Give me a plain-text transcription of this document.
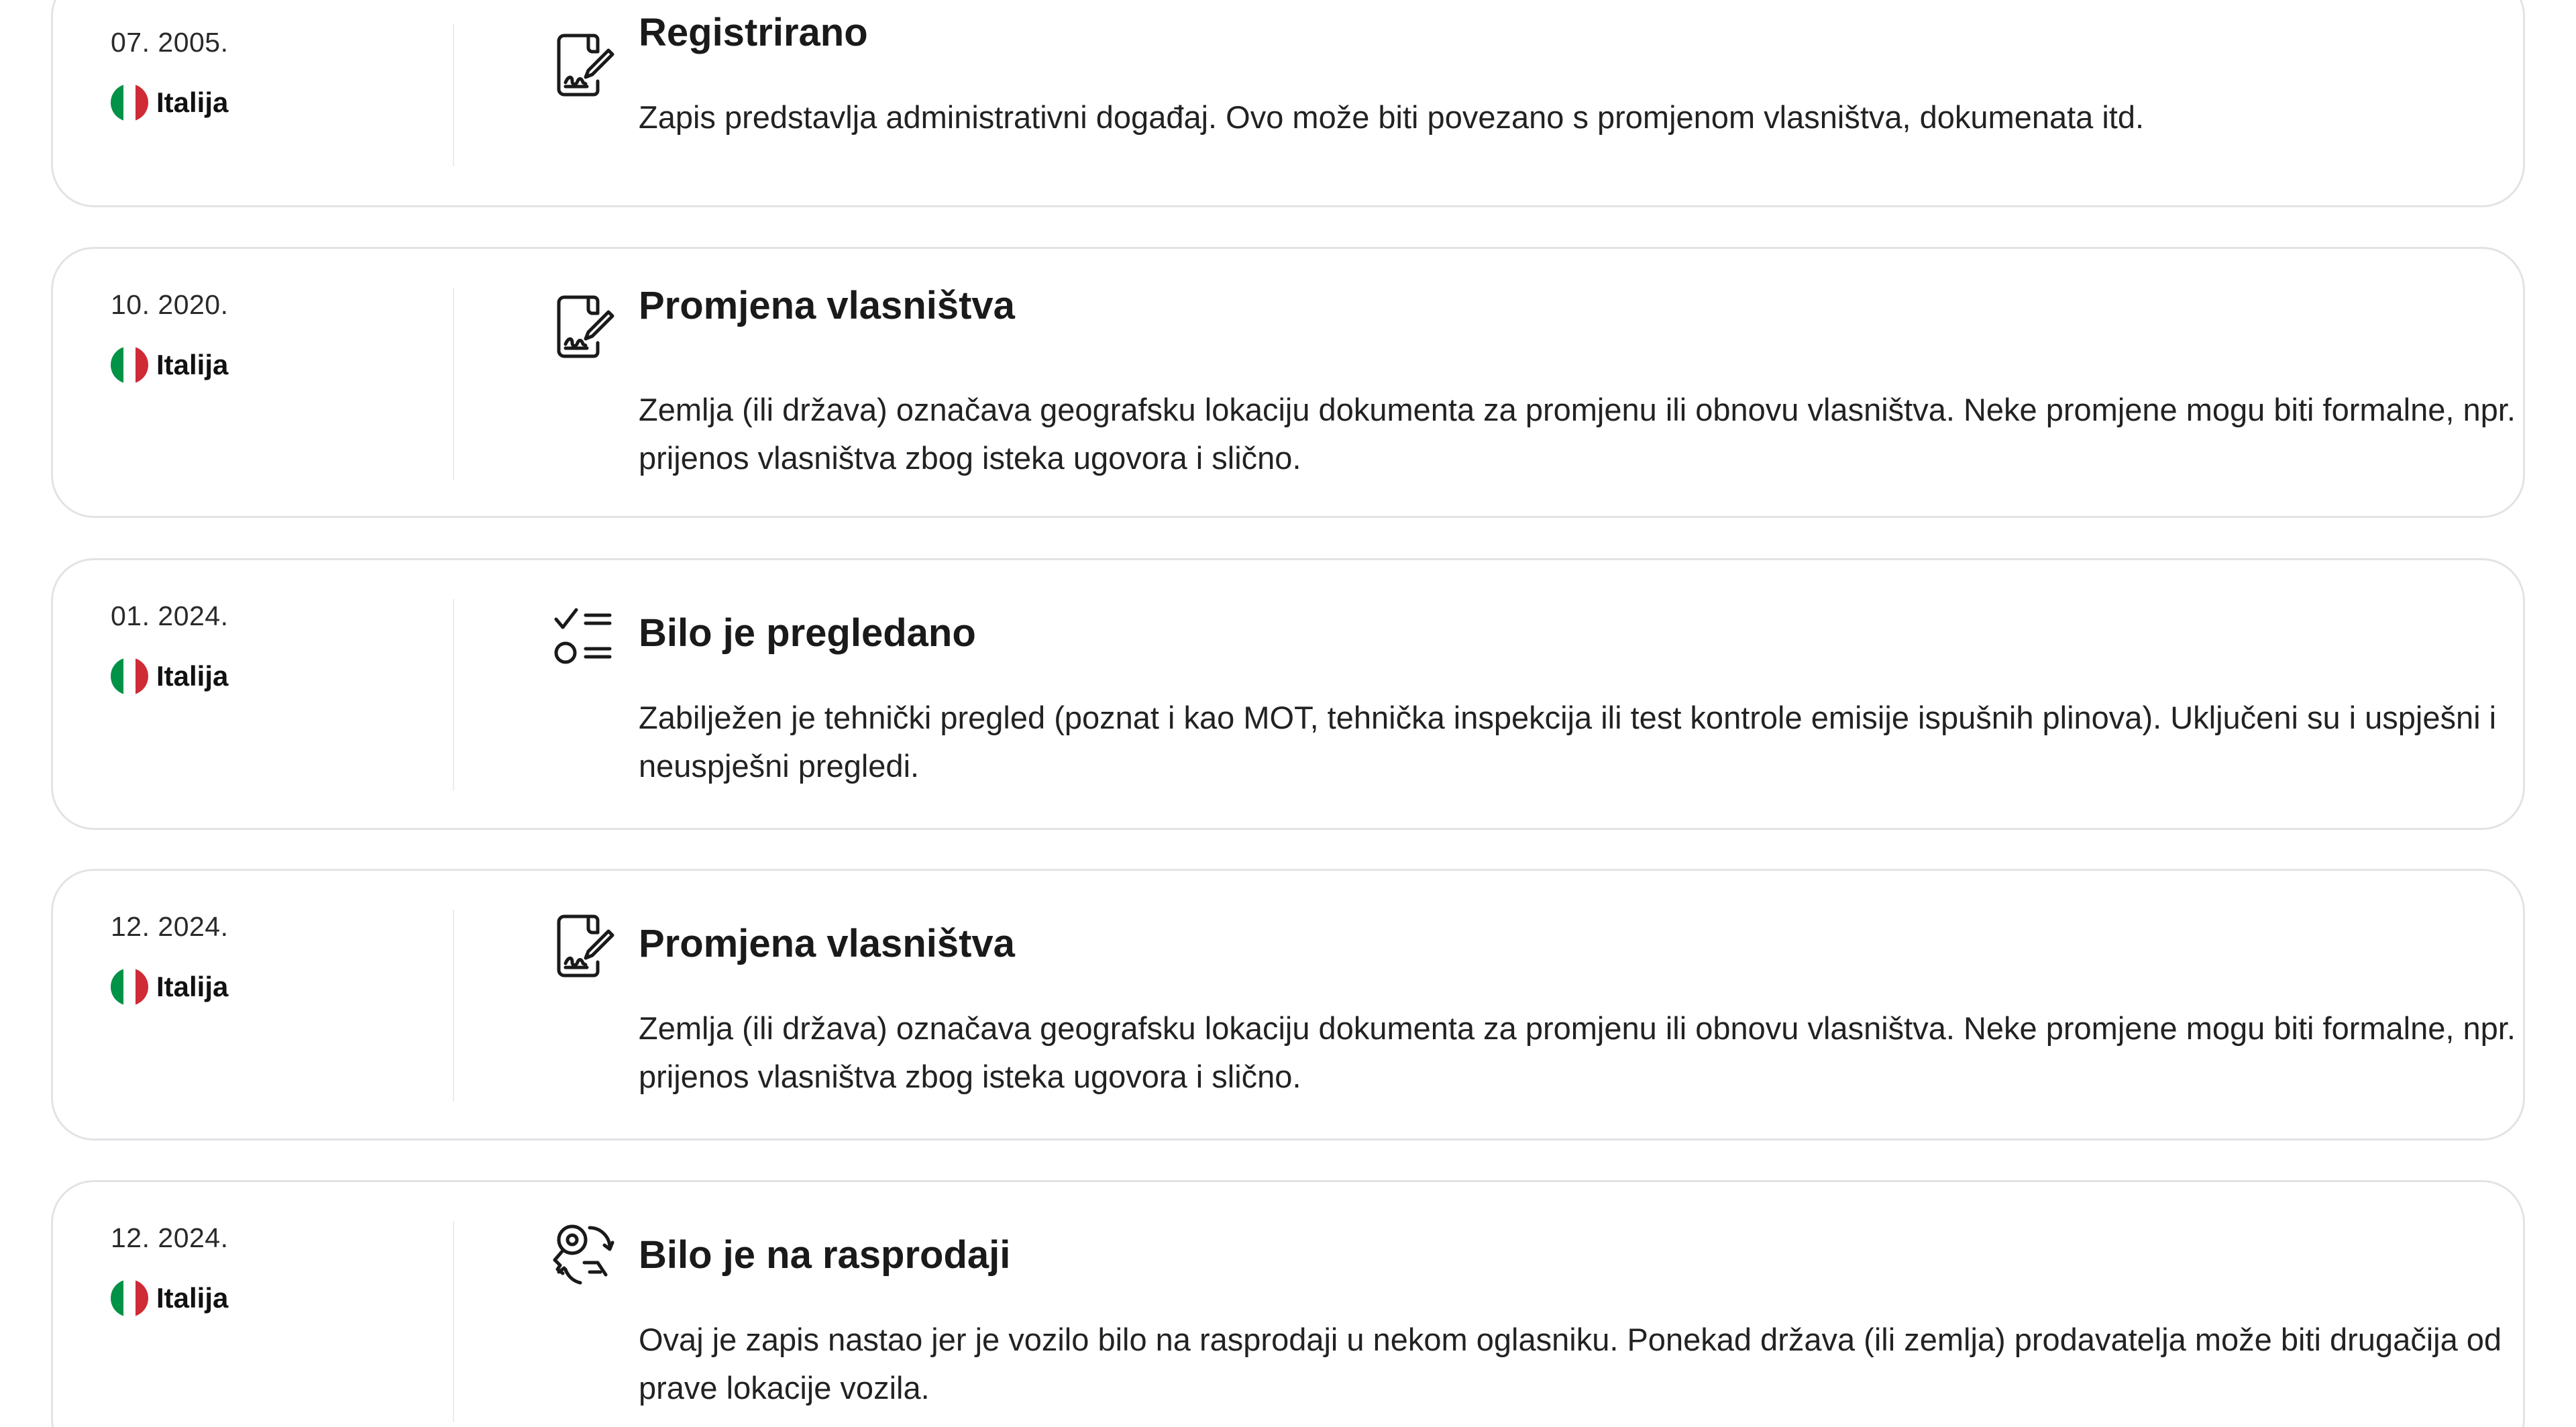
07. 2005.
Italija
Registrirano
Zapis predstavlja administrativni događaj. Ovo može biti povezano s promjenom vlasništva, dokumenata itd.
10. 2020.
Italija
Promjena vlasništva
Zemlja (ili država) označava geografsku lokaciju dokumenta za promjenu ili obnovu vlasništva. Neke promjene mogu biti formalne, npr. prijenos vlasništva zbog isteka ugovora i slično.
01. 2024.
Italija
Bilo je pregledano
Zabilježen je tehnički pregled (poznat i kao MOT, tehnička inspekcija ili test kontrole emisije ispušnih plinova). Uključeni su i uspješni i neuspješni pregledi.
12. 2024.
Italija
Promjena vlasništva
Zemlja (ili država) označava geografsku lokaciju dokumenta za promjenu ili obnovu vlasništva. Neke promjene mogu biti formalne, npr. prijenos vlasništva zbog isteka ugovora i slično.
12. 2024.
Italija
Bilo je na rasprodaji
Ovaj je zapis nastao jer je vozilo bilo na rasprodaji u nekom oglasniku. Ponekad država (ili zemlja) prodavatelja može biti drugačija od prave lokacije vozila.
